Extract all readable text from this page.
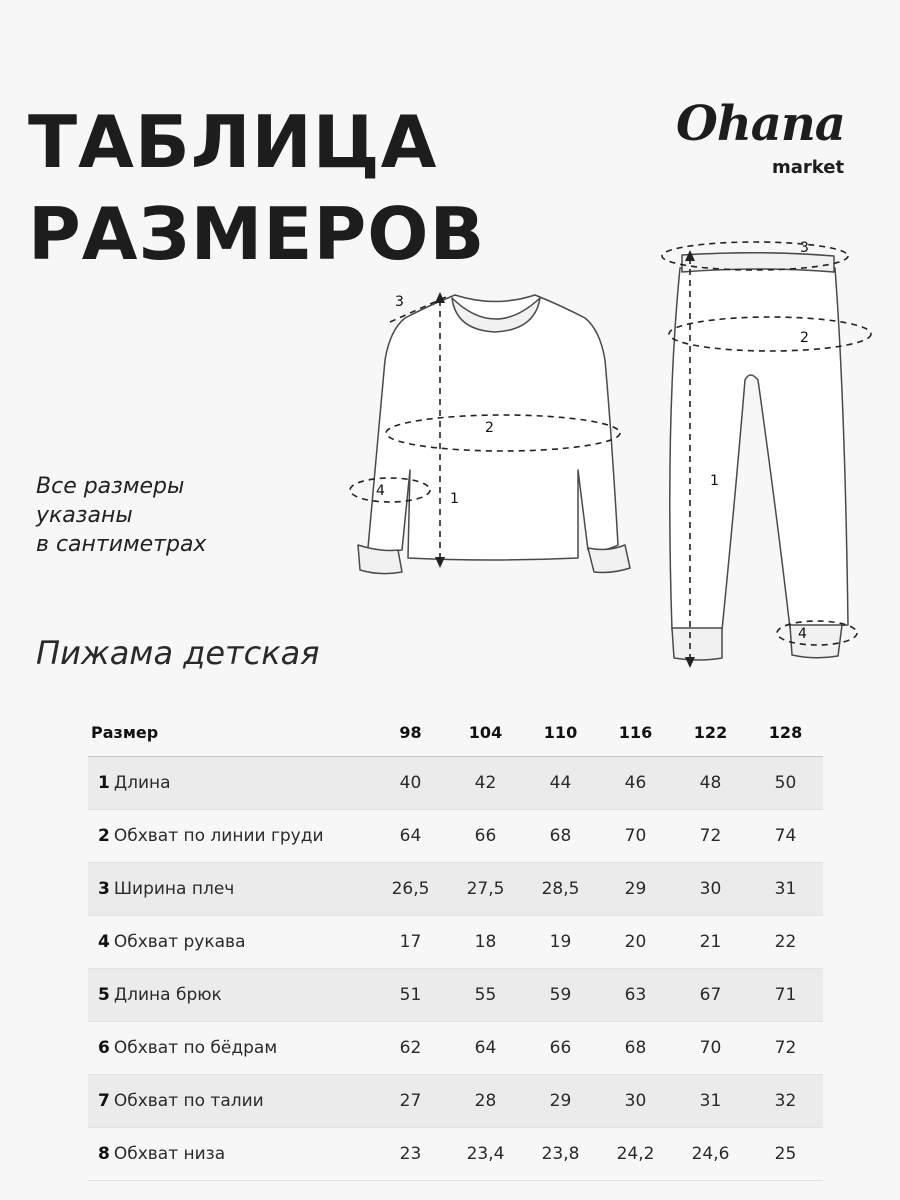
ТАБЛИЦА
РАЗМЕРОВ
Ohana
market
Все размеры
указаны
в сантиметрах
Пижама детская
1
2
3
4
1
2
3
4
Размер	98	104	110	116	122	128
1 Длина	40	42	44	46	48	50
2 Обхват по линии груди	64	66	68	70	72	74
3 Ширина плеч	26,5	27,5	28,5	29	30	31
4 Обхват рукава	17	18	19	20	21	22
5 Длина брюк	51	55	59	63	67	71
6 Обхват по бёдрам	62	64	66	68	70	72
7 Обхват по талии	27	28	29	30	31	32
8 Обхват низа	23	23,4	23,8	24,2	24,6	25
